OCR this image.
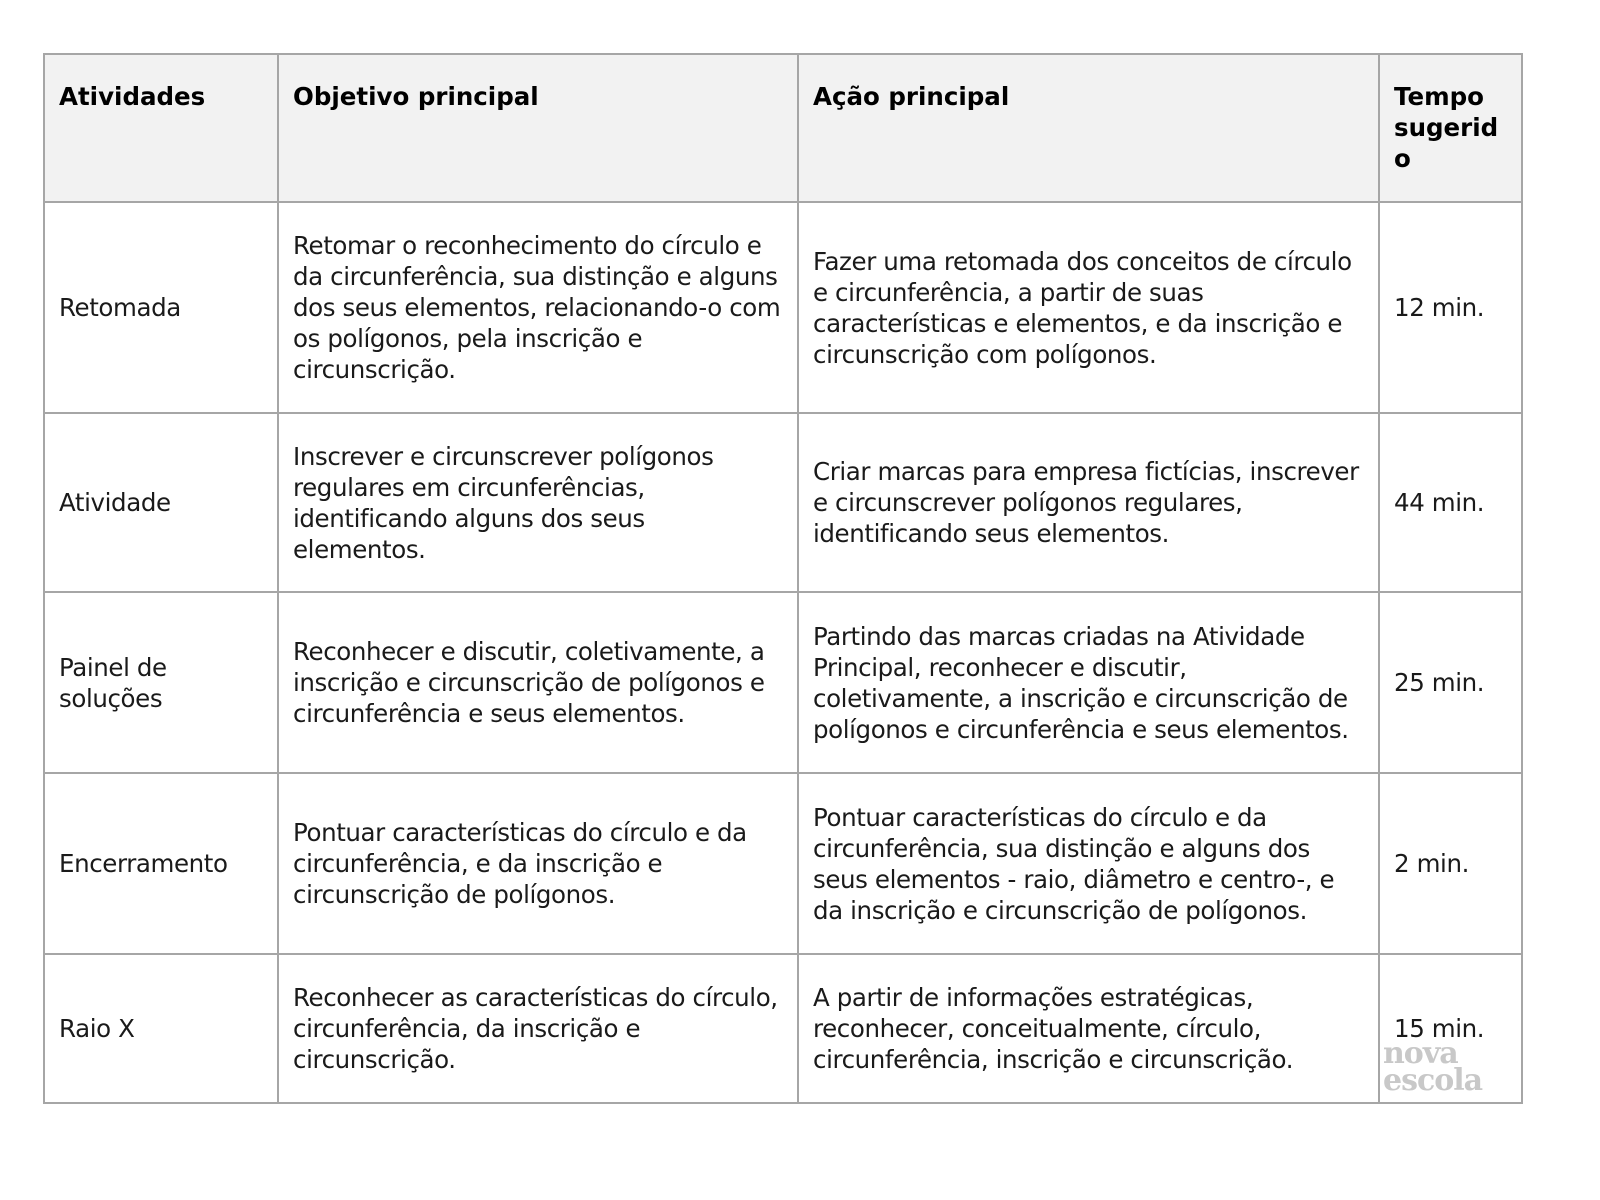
Atividades	Objetivo principal	Ação principal	Tempo sugerido
Retomada	Retomar o reconhecimento do círculo e da circunferência, sua distinção e alguns dos seus elementos, relacionando-o com os polígonos, pela inscrição e circunscrição.	Fazer uma retomada dos conceitos de círculo e circunferência, a partir de suas características e elementos, e da inscrição e circunscrição com polígonos.	12 min.
Atividade	Inscrever e circunscrever polígonos regulares em circunferências, identificando alguns dos seus elementos.	Criar marcas para empresa fictícias, inscrever e circunscrever polígonos regulares, identificando seus elementos.	44 min.
Painel de soluções	Reconhecer e discutir, coletivamente, a inscrição e circunscrição de polígonos e circunferência e seus elementos.	Partindo das marcas criadas na Atividade Principal, reconhecer e discutir, coletivamente, a inscrição e circunscrição de polígonos e circunferência e seus elementos.	25 min.
Encerramento	Pontuar características do círculo e da circunferência, e da inscrição e circunscrição de polígonos.	Pontuar características do círculo e da circunferência, sua distinção e alguns dos seus elementos - raio, diâmetro e centro-, e da inscrição e circunscrição de polígonos.	2 min.
Raio X	Reconhecer as características do círculo, circunferência, da inscrição e circunscrição.	A partir de informações estratégicas, reconhecer, conceitualmente, círculo, circunferência, inscrição e circunscrição.	15 min.
nova
escola
